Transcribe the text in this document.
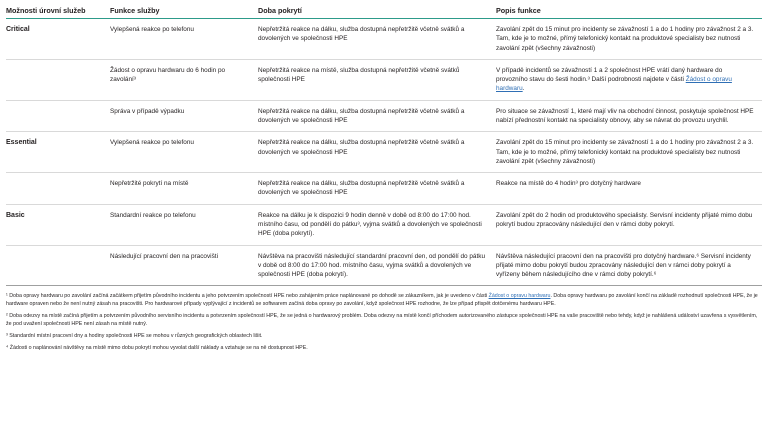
Možnosti úrovní služeb	Funkce služby	Doba pokrytí	Popis funkce
Critical	Vylepšená reakce po telefonu	Nepřetržitá reakce na dálku, služba dostupná nepřetržitě včetně svátků a dovolených ve společnosti HPE	Zavolání zpět do 15 minut pro incidenty se závažností 1 a do 1 hodiny pro závažnost 2 a 3. Tam, kde je to možné, přímý telefonický kontakt na produktové specialisty bez nutnosti zavolání zpět (všechny závažnosti)
	Žádost o opravu hardwaru do 6 hodin po zavolání³	Nepřetržitá reakce na místě, služba dostupná nepřetržitě včetně svátků společnosti HPE	V případě incidentů se závažností 1 a 2 společnost HPE vrátí daný hardware do provozního stavu do šesti hodin.³ Další podrobnosti najdete v části Žádost o opravu hardwaru.
	Správa v případě výpadku	Nepřetržitá reakce na dálku, služba dostupná nepřetržitě včetně svátků a dovolených ve společnosti HPE	Pro situace se závažností 1, které mají vliv na obchodní činnost, poskytuje společnost HPE nabízí přednostní kontakt na specialisty obnovy, aby se návrat do provozu urychlil.
Essential	Vylepšená reakce po telefonu	Nepřetržitá reakce na dálku, služba dostupná nepřetržitě včetně svátků a dovolených ve společnosti HPE	Zavolání zpět do 15 minut pro incidenty se závažností 1 a do 1 hodiny pro závažnost 2 a 3. Tam, kde je to možné, přímý telefonický kontakt na produktové specialisty bez nutnosti zavolání zpět (všechny závažnosti)
	Nepřetržité pokrytí na místě	Nepřetržitá reakce na dálku, služba dostupná nepřetržitě včetně svátků a dovolených ve společnosti HPE	Reakce na místě do 4 hodin³ pro dotyčný hardware
Basic	Standardní reakce po telefonu	Reakce na dálku je k dispozici 9 hodin denně v době od 8:00 do 17:00 hod. místního času, od pondělí do pátku³, vyjma svátků a dovolených ve společnosti HPE (doba pokrytí).	Zavolání zpět do 2 hodin od produktového specialisty. Servisní incidenty přijaté mimo dobu pokrytí budou zpracovány následující den v rámci doby pokrytí.
	Následující pracovní den na pracovišti	Návštěva na pracovišti následující standardní pracovní den, od pondělí do pátku v době od 8:00 do 17:00 hod. místního času, vyjma svátků a dovolených ve společnosti HPE (doba pokrytí).	Návštěva následující pracovní den na pracovišti pro dotyčný hardware.⁶ Servisní incidenty přijaté mimo dobu pokrytí budou zpracovány následující den v rámci doby pokrytí a vyřízeny během následujícího dne v rámci doby pokrytí.⁶

¹ Doba opravy hardwaru po zavolání začíná začátkem přijetím původního incidentu a jeho potvrzením společností HPE nebo zahájením práce naplánované po dohodě se zákazníkem, jak je uvedeno v části Žádost o opravu hardwaru. Doba opravy hardwaru po zavolání končí na základě rozhodnutí společnosti HPE, že je hardware opraven nebo že není nutný zásah na pracovišti. Pro hardwarové případy vyplývající z incidentů se softwarem začíná doba opravy po zavolání, když společnost HPE rozhodne, že lze případ přispět dotčenému hardwaru HPE.

² Doba odezvy na místě začíná přijetím a potvrzením původního servisního incidentu a potvrzením společností HPE, že se jedná o hardwarový problém. Doba odezvy na místě končí příchodem autorizovaného zástupce společnosti HPE na vaše pracoviště nebo tehdy, když je nahlášená událoství uzavřena s vysvětlením, že pod uvažení společnosti HPE není zásah na místě nutný.

³ Standardní místní pracovní dny a hodiny společnosti HPE se mohou v různých geografických oblastech lišit.

⁴ Žádosti o naplánování návštěvy na místě mimo dobu pokrytí mohou vyvolat další náklady a vztahuje se na ně dostupnost HPE.
